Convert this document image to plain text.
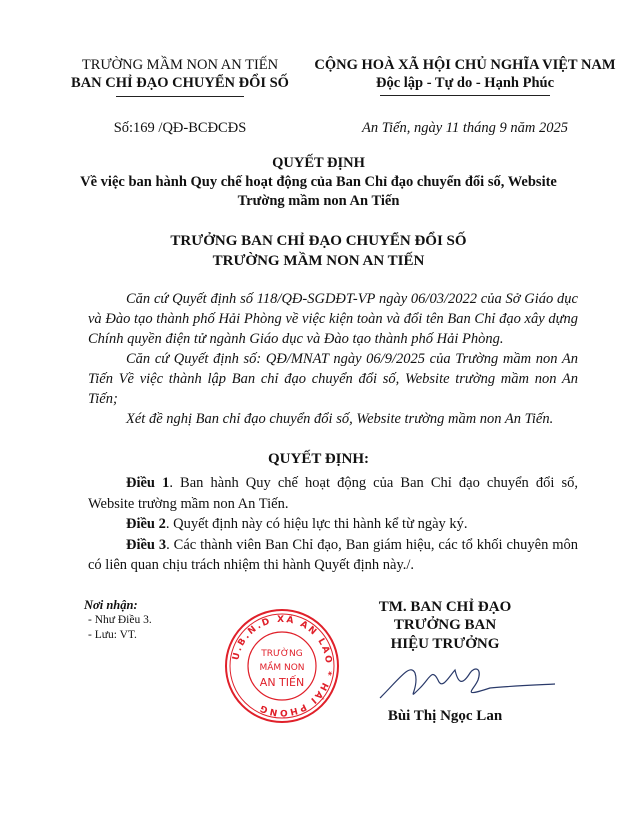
TRƯỜNG MẦM NON AN TIẾN
BAN CHỈ ĐẠO CHUYỂN ĐỔI SỐ
CỘNG HOÀ XÃ HỘI CHỦ NGHĨA VIỆT NAM
Độc lập - Tự do - Hạnh Phúc
Số:169 /QĐ-BCĐCĐS	An Tiến, ngày 11 tháng 9 năm 2025
QUYẾT ĐỊNH
Về việc ban hành Quy chế hoạt động của Ban Chỉ đạo chuyển đổi số, Website
Trường mầm non An Tiến
TRƯỞNG BAN CHỈ ĐẠO CHUYỂN ĐỔI SỐ
TRƯỜNG MẦM NON AN TIẾN

Căn cứ Quyết định số 118/QĐ-SGDĐT-VP ngày 06/03/2022 của Sở Giáo dục và Đào tạo thành phố Hải Phòng về việc kiện toàn và đổi tên Ban Chỉ đạo xây dựng Chính quyền điện tử ngành Giáo dục và Đào tạo thành phố Hải Phòng.

Căn cứ Quyết định số: QĐ/MNAT ngày 06/9/2025 của Trường mầm non An Tiến Về việc thành lập Ban chỉ đạo chuyển đổi số, Website trường mầm non An Tiến;

Xét đề nghị Ban chỉ đạo chuyển đổi số, Website trường mầm non An Tiến.

QUYẾT ĐỊNH:

Điều 1. Ban hành Quy chế hoạt động của Ban Chỉ đạo chuyển đổi số, Website trường mầm non An Tiến.

Điều 2. Quyết định này có hiệu lực thi hành kể từ ngày ký.

Điều 3. Các thành viên Ban Chỉ đạo, Ban giám hiệu, các tổ khối chuyên môn có liên quan chịu trách nhiệm thi hành Quyết định này./.

Nơi nhận:
- Như Điều 3.
- Lưu: VT.
U.B.N.D XÃ AN LÃO * HẢI PHÒNG
TRƯỜNG
MẦM NON
AN TIẾN
TM. BAN CHỈ ĐẠO
TRƯỞNG BAN
HIỆU TRƯỞNG
Bùi Thị Ngọc Lan
